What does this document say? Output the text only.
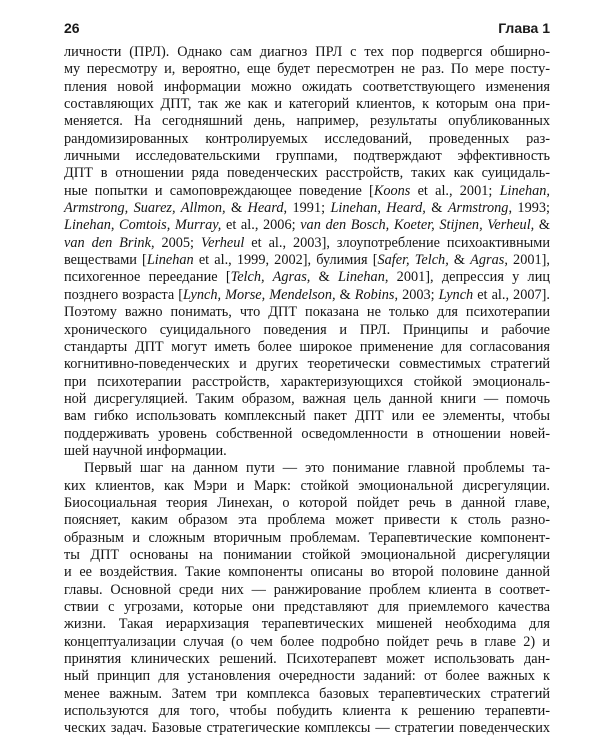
26	Глава 1
личности (ПРЛ). Однако сам диагноз ПРЛ с тех пор подвергся обширно-
му пересмотру и, вероятно, еще будет пересмотрен не раз. По мере посту-
пления новой информации можно ожидать соответствующего изменения
составляющих ДПТ, так же как и категорий клиентов, к которым она при-
меняется. На сегодняшний день, например, результаты опубликованных
рандомизированных контролируемых исследований, проведенных раз-
личными исследовательскими группами, подтверждают эффективность
ДПТ в отношении ряда поведенческих расстройств, таких как суицидаль-
ные попытки и самоповреждающее поведение [Koons et al., 2001; Linehan,
Armstrong, Suarez, Allmon, & Heard, 1991; Linehan, Heard, & Armstrong, 1993;
Linehan, Comtois, Murray, et al., 2006; van den Bosch, Koeter, Stijnen, Verheul, &
van den Brink, 2005; Verheul et al., 2003], злоупотребление психоактивными
веществами [Linehan et al., 1999, 2002], булимия [Safer, Telch, & Agras, 2001],
психогенное переедание [Telch, Agras, & Linehan, 2001], депрессия у лиц
позднего возраста [Lynch, Morse, Mendelson, & Robins, 2003; Lynch et al., 2007].
Поэтому важно понимать, что ДПТ показана не только для психотерапии
хронического суицидального поведения и ПРЛ. Принципы и рабочие
стандарты ДПТ могут иметь более широкое применение для согласования
когнитивно-поведенческих и других теоретически совместимых стратегий
при психотерапии расстройств, характеризующихся стойкой эмоциональ-
ной дисрегуляцией. Таким образом, важная цель данной книги — помочь
вам гибко использовать комплексный пакет ДПТ или ее элементы, чтобы
поддерживать уровень собственной осведомленности в отношении новей-
шей научной информации.
Первый шаг на данном пути — это понимание главной проблемы та-
ких клиентов, как Мэри и Марк: стойкой эмоциональной дисрегуляции.
Биосоциальная теория Линехан, о которой пойдет речь в данной главе,
поясняет, каким образом эта проблема может привести к столь разно-
образным и сложным вторичным проблемам. Терапевтические компонент-
ты ДПТ основаны на понимании стойкой эмоциональной дисрегуляции
и ее воздействия. Такие компоненты описаны во второй половине данной
главы. Основной среди них — ранжирование проблем клиента в соответ-
ствии с угрозами, которые они представляют для приемлемого качества
жизни. Такая иерархизация терапевтических мишеней необходима для
концептуализации случая (о чем более подробно пойдет речь в главе 2) и
принятия клинических решений. Психотерапевт может использовать дан-
ный принцип для установления очередности заданий: от более важных к
менее важным. Затем три комплекса базовых терапевтических стратегий
используются для того, чтобы побудить клиента к решению терапевти-
ческих задач. Базовые стратегические комплексы — стратегии поведенческих
